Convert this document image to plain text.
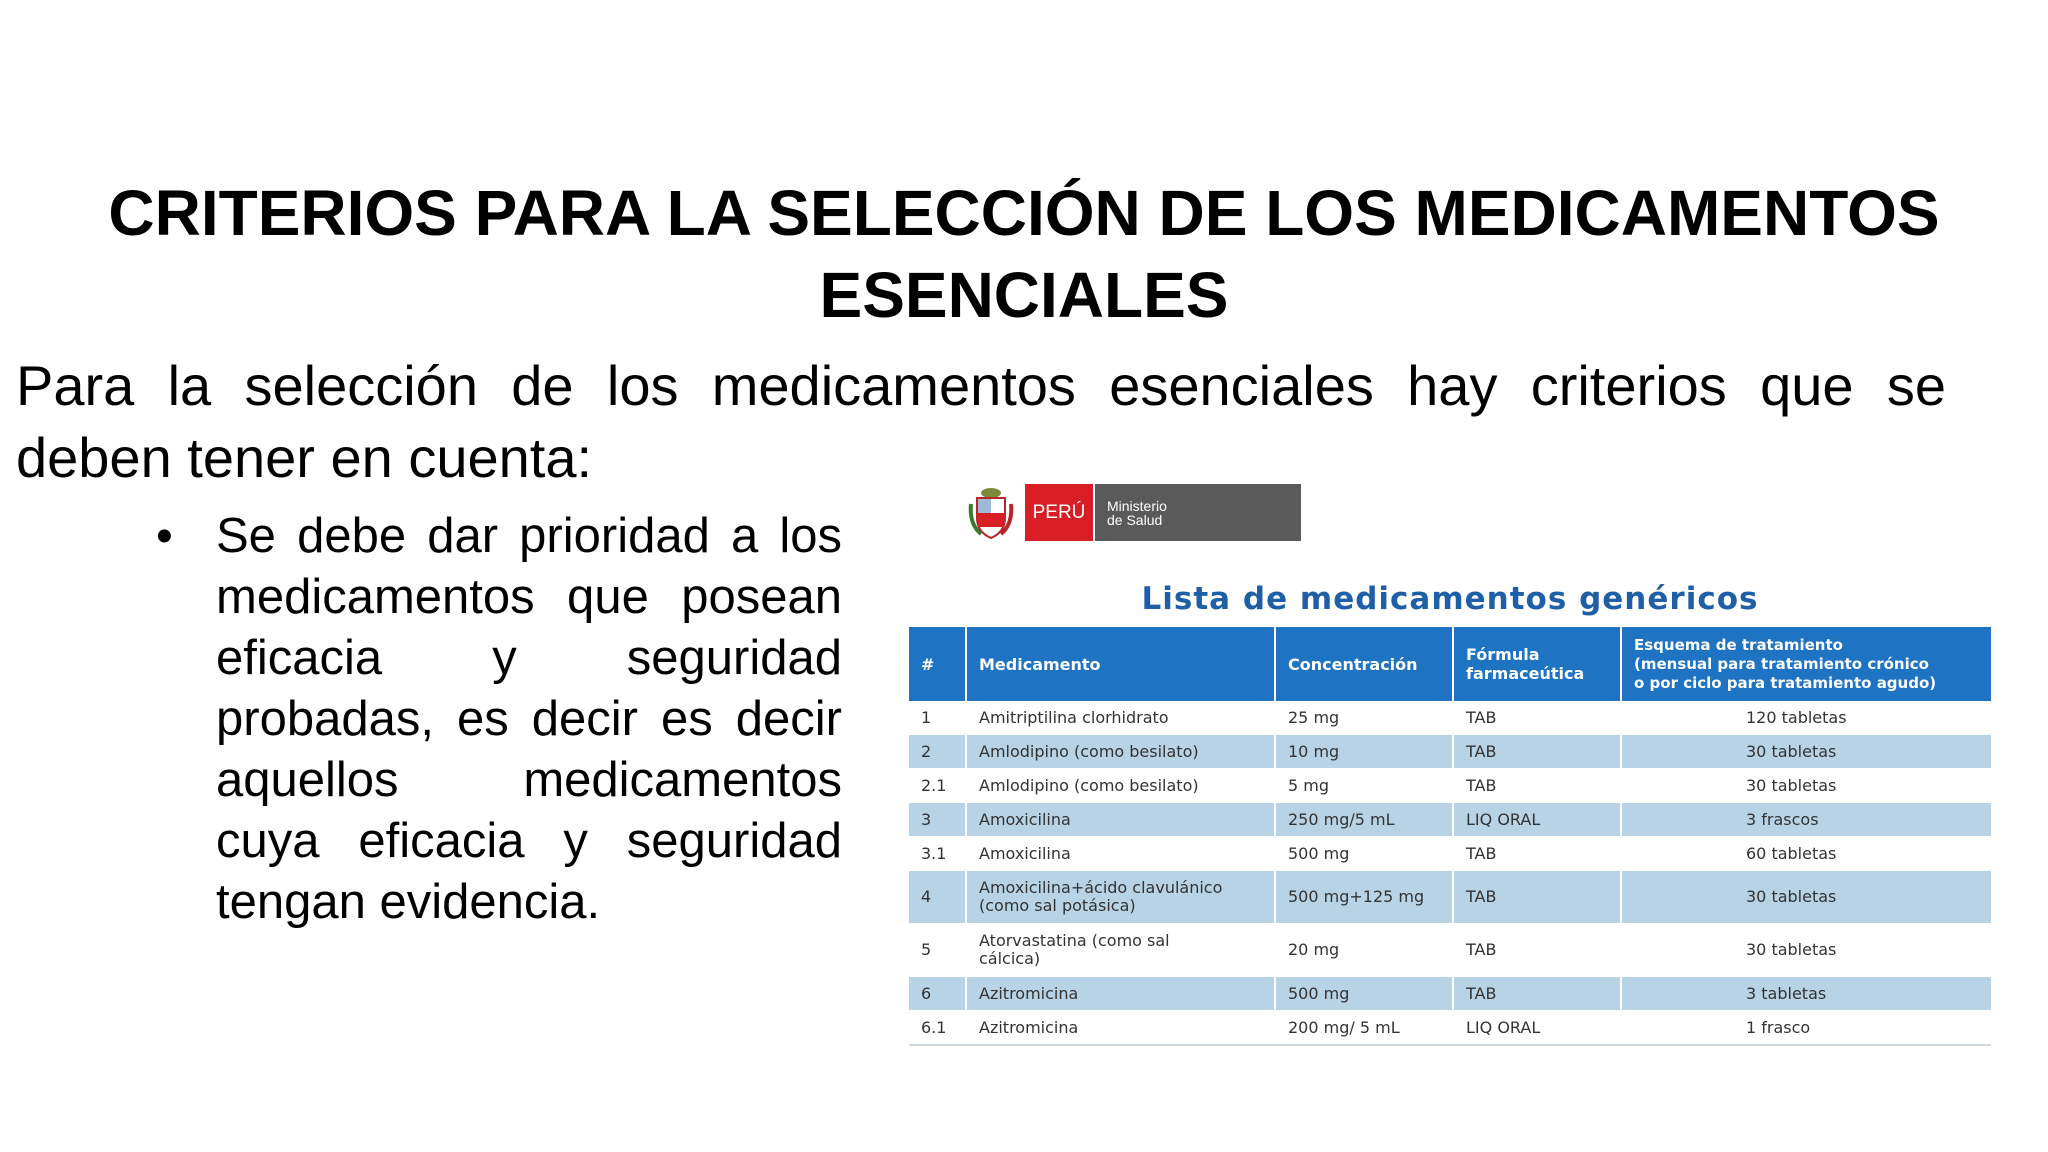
CRITERIOS PARA LA SELECCIÓN DE LOS MEDICAMENTOS
ESENCIALES

Para la selección de los medicamentos esenciales hay criterios que se
deben tener en cuenta:

• Se debe dar prioridad a los
medicamentos que posean
eficacia y seguridad
probadas, es decir es decir
aquellos medicamentos
cuya eficacia y seguridad
tengan evidencia.
PERÚ	Ministerio
de Salud
Lista de medicamentos genéricos
#	Medicamento	Concentración	Fórmula
farmaceútica	Esquema de tratamiento
(mensual para tratamiento crónico
o por ciclo para tratamiento agudo)
1	Amitriptilina clorhidrato	25 mg	TAB	120 tabletas
2	Amlodipino (como besilato)	10 mg	TAB	30 tabletas
2.1	Amlodipino (como besilato)	5 mg	TAB	30 tabletas
3	Amoxicilina	250 mg/5 mL	LIQ ORAL	3 frascos
3.1	Amoxicilina	500 mg	TAB	60 tabletas
4	Amoxicilina+ácido clavulánico
(como sal potásica)	500 mg+125 mg	TAB	30 tabletas
5	Atorvastatina (como sal
cálcica)	20 mg	TAB	30 tabletas
6	Azitromicina	500 mg	TAB	3 tabletas
6.1	Azitromicina	200 mg/ 5 mL	LIQ ORAL	1 frasco
